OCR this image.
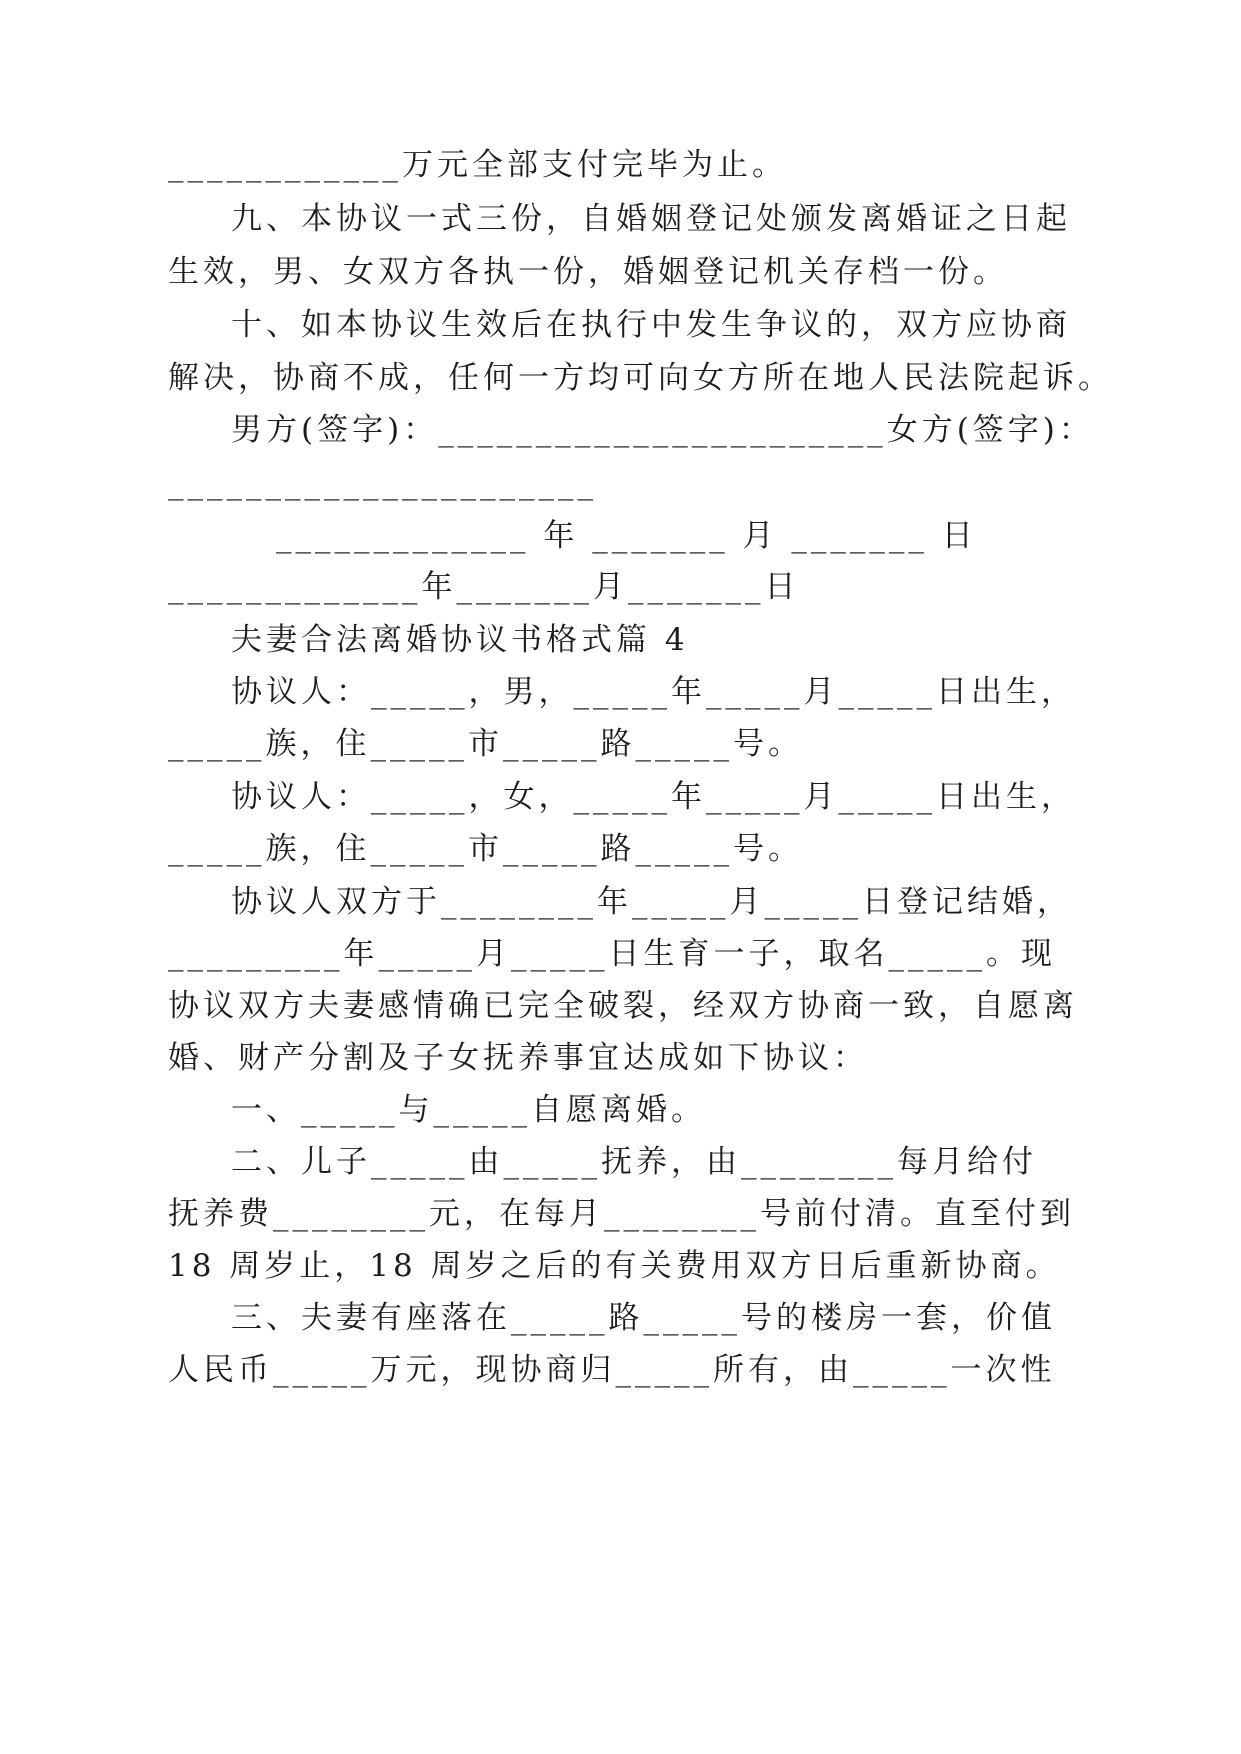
____________万元全部支付完毕为止。
九、本协议一式三份，自婚姻登记处颁发离婚证之日起
生效，男、女双方各执一份，婚姻登记机关存档一份。
十、如本协议生效后在执行中发生争议的，双方应协商
解决，协商不成，任何一方均可向女方所在地人民法院起诉。
男方(签字)：_______________________女方(签字)：
______________________
_____________ 年 _______ 月 _______ 日
_____________年_______月_______日
夫妻合法离婚协议书格式篇 4
协议人：_____，男，_____年_____月_____日出生，
_____族，住_____市_____路_____号。
协议人：_____，女，_____年_____月_____日出生，
_____族，住_____市_____路_____号。
协议人双方于________年_____月_____日登记结婚，
_________年_____月_____日生育一子，取名_____。现
协议双方夫妻感情确已完全破裂，经双方协商一致，自愿离
婚、财产分割及子女抚养事宜达成如下协议：
一、_____与_____自愿离婚。
二、儿子_____由_____抚养，由________每月给付
抚养费________元，在每月________号前付清。直至付到
18 周岁止，18 周岁之后的有关费用双方日后重新协商。
三、夫妻有座落在_____路_____号的楼房一套，价值
人民币_____万元，现协商归_____所有，由_____一次性
